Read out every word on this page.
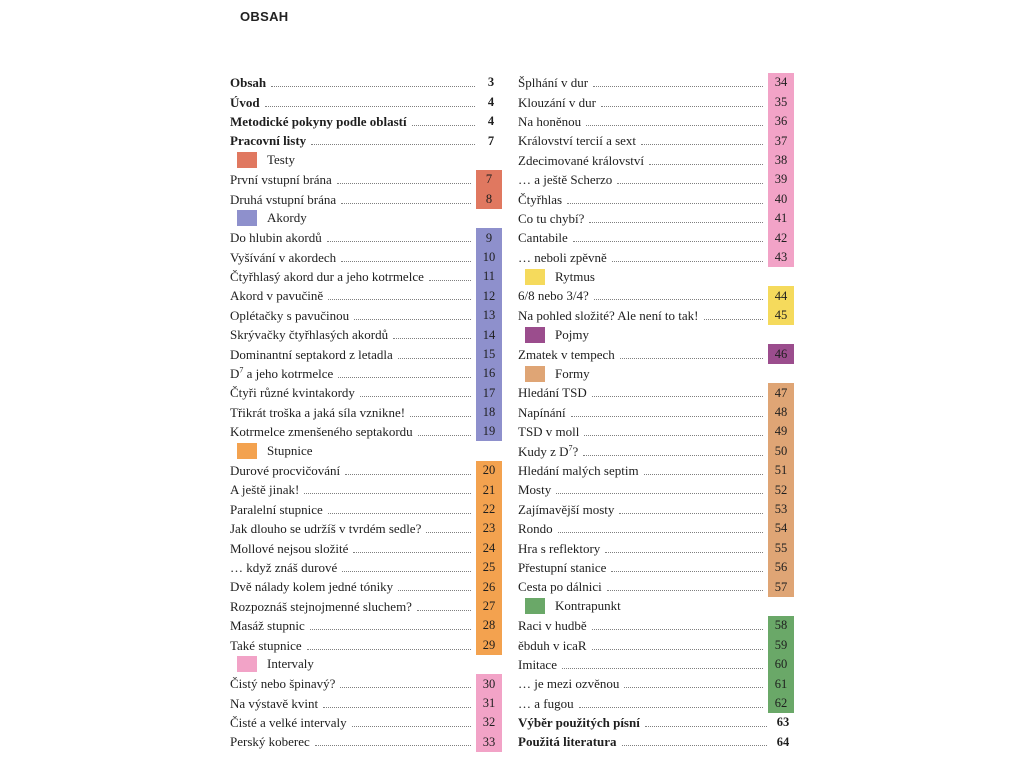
OBSAH
Obsah	3
Úvod	4
Metodické pokyny podle oblastí	4
Pracovní listy	7
Testy
První vstupní brána	7
Druhá vstupní brána	8
Akordy
Do hlubin akordů	9
Vyšívání v akordech	10
Čtyřhlasý akord dur a jeho kotrmelce	11
Akord v pavučině	12
Oplétačky s pavučinou	13
Skrývačky čtyřhlasých akordů	14
Dominantní septakord z letadla	15
$D^7$ a jeho kotrmelce	16
Čtyři různé kvintakordy	17
Třikrát troška a jaká síla vznikne!	18
Kotrmelce zmenšeného septakordu	19
Stupnice
Durové procvičování	20
A ještě jinak!	21
Paralelní stupnice	22
Jak dlouho se udržíš v tvrdém sedle?	23
Mollové nejsou složité	24
… když znáš durové	25
Dvě nálady kolem jedné tóniky	26
Rozpoznáš stejnojmenné sluchem?	27
Masáž stupnic	28
Také stupnice	29
Intervaly
Čistý nebo špinavý?	30
Na výstavě kvint	31
Čisté a velké intervaly	32
Perský koberec	33
Šplhání v dur	34
Klouzání v dur	35
Na honěnou	36
Království tercií a sext	37
Zdecimované království	38
… a ještě Scherzo	39
Čtyřhlas	40
Co tu chybí?	41
Cantabile	42
… neboli zpěvně	43
Rytmus
6/8 nebo 3/4?	44
Na pohled složité? Ale není to tak!	45
Pojmy
Zmatek v tempech	46
Formy
Hledání TSD	47
Napínání	48
TSD v moll	49
Kudy z $D^7$?	50
Hledání malých septim	51
Mosty	52
Zajímavější mosty	53
Rondo	54
Hra s reflektory	55
Přestupní stanice	56
Cesta po dálnici	57
Kontrapunkt
Raci v hudbě	58
ěbduh v icaR	59
Imitace	60
… je mezi ozvěnou	61
… a fugou	62
Výběr použitých písní	63
Použitá literatura	64
